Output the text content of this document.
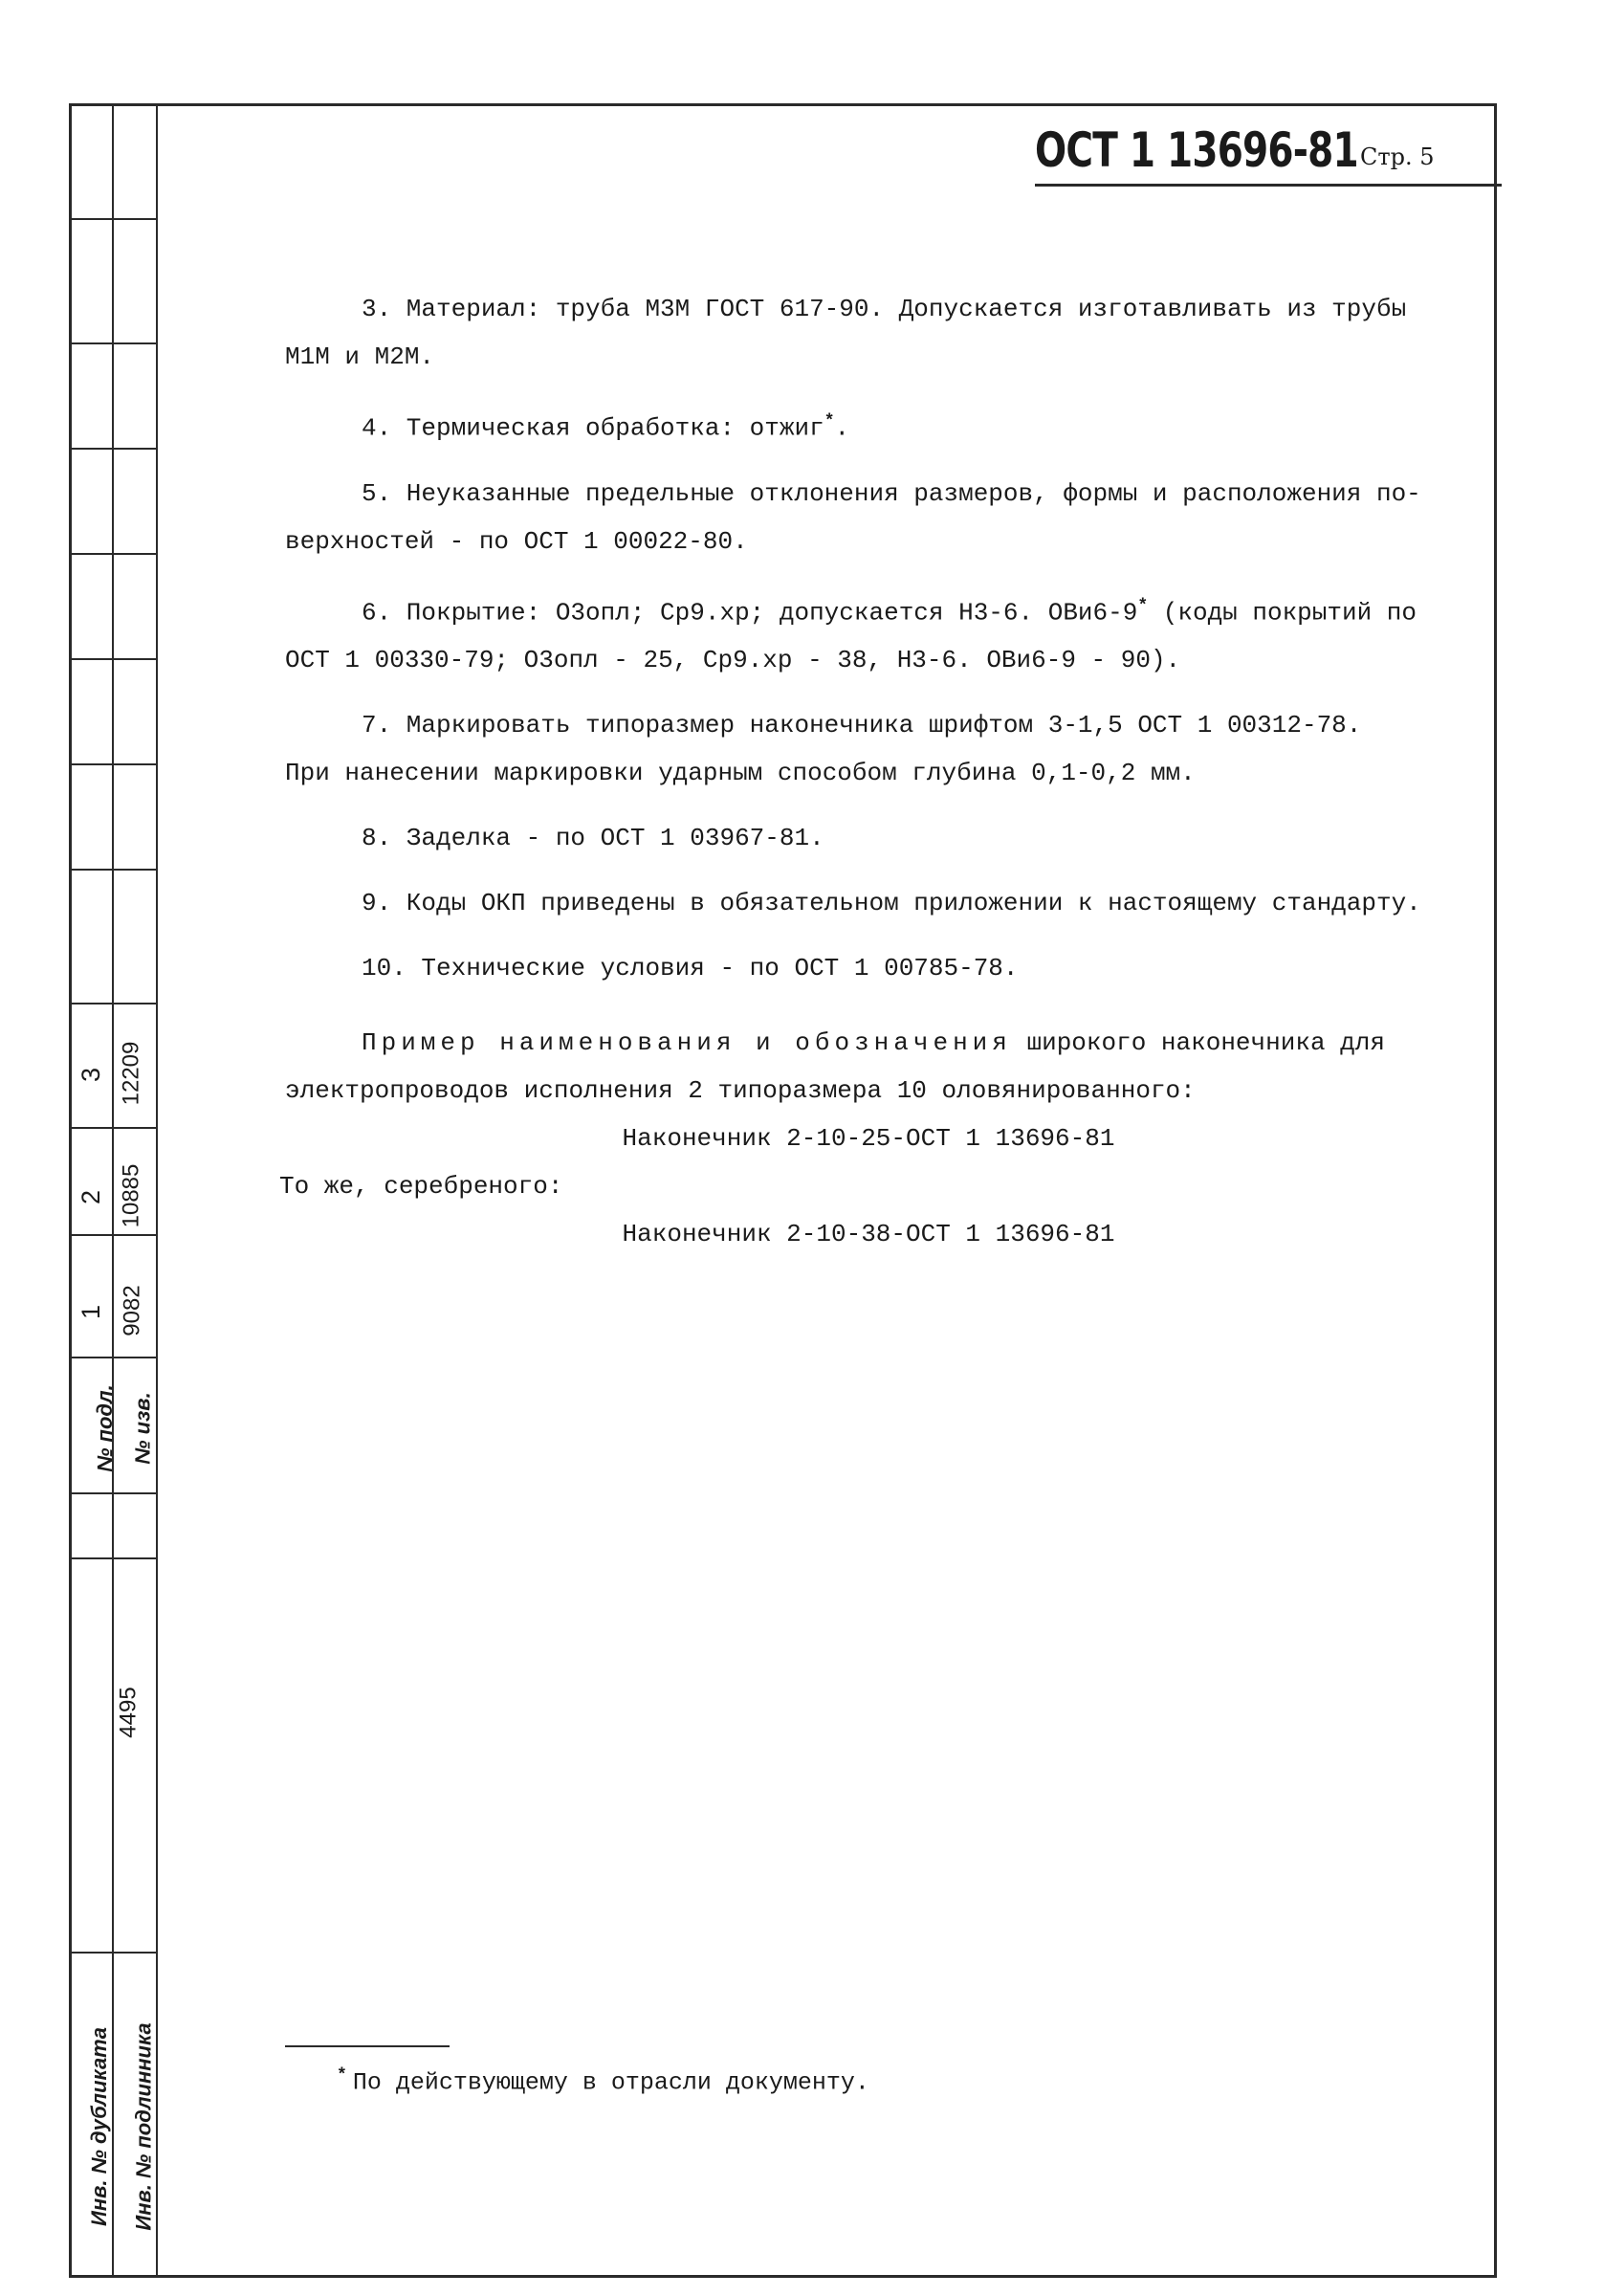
3 12209
2 10885
1 9082
№ подл. № изв.
4495
Инв. № дубликата Инв. № подлинника
ОСТ 1 13696-81 Стр. 5

3. Материал: труба М3М ГОСТ 617-90. Допускается изготавливать из трубы

М1М и М2М.

4. Термическая обработка: отжиг*.

5. Неуказанные предельные отклонения размеров, формы и расположения по-

верхностей - по ОСТ 1 00022-80.

6. Покрытие: О3опл; Ср9.хр; допускается Н3-6. ОВи6-9* (коды покрытий по

ОСТ 1 00330-79; О3опл - 25, Ср9.хр - 38, Н3-6. ОВи6-9 - 90).

7. Маркировать типоразмер наконечника шрифтом 3-1,5 ОСТ 1 00312-78.

При нанесении маркировки ударным способом глубина 0,1-0,2 мм.

8. Заделка - по ОСТ 1 03967-81.

9. Коды ОКП приведены в обязательном приложении к настоящему стандарту.

10. Технические условия - по ОСТ 1 00785-78.

Пример наименования и обозначения широкого наконечника для

электропроводов исполнения 2 типоразмера 10 оловянированного:

Наконечник 2-10-25-ОСТ 1 13696-81

То же, серебреного:

Наконечник 2-10-38-ОСТ 1 13696-81

* По действующему в отрасли документу.
